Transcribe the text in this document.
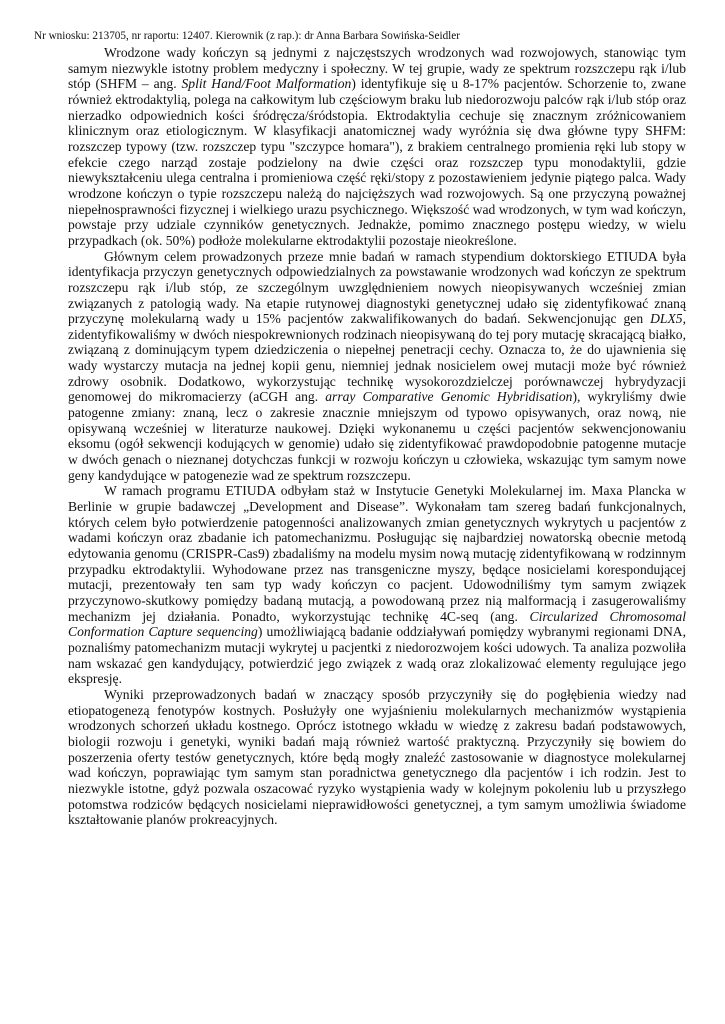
Nr wniosku: 213705, nr raportu: 12407. Kierownik (z rap.): dr Anna Barbara Sowińska-Seidler

Wrodzone wady kończyn są jednymi z najczęstszych wrodzonych wad rozwojowych, stanowiąc tym samym niezwykle istotny problem medyczny i społeczny. W tej grupie, wady ze spektrum rozszczepu rąk i/lub stóp (SHFM – ang. Split Hand/Foot Malformation) identyfikuje się u 8-17% pacjentów. Schorzenie to, zwane również ektrodaktylią, polega na całkowitym lub częściowym braku lub niedorozwoju palców rąk i/lub stóp oraz nierzadko odpowiednich kości śródręcza/śródstopia. Ektrodaktylia cechuje się znacznym zróżnicowaniem klinicznym oraz etiologicznym. W klasyfikacji anatomicznej wady wyróżnia się dwa główne typy SHFM: rozszczep typowy (tzw. rozszczep typu "szczypce homara"), z brakiem centralnego promienia ręki lub stopy w efekcie czego narząd zostaje podzielony na dwie części oraz rozszczep typu monodaktylii, gdzie niewykształceniu ulega centralna i promieniowa część ręki/stopy z pozostawieniem jedynie piątego palca. Wady wrodzone kończyn o typie rozszczepu należą do najcięższych wad rozwojowych. Są one przyczyną poważnej niepełnosprawności fizycznej i wielkiego urazu psychicznego. Większość wad wrodzonych, w tym wad kończyn, powstaje przy udziale czynników genetycznych. Jednakże, pomimo znacznego postępu wiedzy, w wielu przypadkach (ok. 50%) podłoże molekularne ektrodaktylii pozostaje nieokreślone.

Głównym celem prowadzonych przeze mnie badań w ramach stypendium doktorskiego ETIUDA była identyfikacja przyczyn genetycznych odpowiedzialnych za powstawanie wrodzonych wad kończyn ze spektrum rozszczepu rąk i/lub stóp, ze szczególnym uwzględnieniem nowych nieopisywanych wcześniej zmian związanych z patologią wady. Na etapie rutynowej diagnostyki genetycznej udało się zidentyfikować znaną przyczynę molekularną wady u 15% pacjentów zakwalifikowanych do badań. Sekwencjonując gen DLX5, zidentyfikowaliśmy w dwóch niespokrewnionych rodzinach nieopisywaną do tej pory mutację skracającą białko, związaną z dominującym typem dziedziczenia o niepełnej penetracji cechy. Oznacza to, że do ujawnienia się wady wystarczy mutacja na jednej kopii genu, niemniej jednak nosicielem owej mutacji może być również zdrowy osobnik. Dodatkowo, wykorzystując technikę wysokorozdzielczej porównawczej hybrydyzacji genomowej do mikromacierzy (aCGH ang. array Comparative Genomic Hybridisation), wykryliśmy dwie patogenne zmiany: znaną, lecz o zakresie znacznie mniejszym od typowo opisywanych, oraz nową, nie opisywaną wcześniej w literaturze naukowej. Dzięki wykonanemu u części pacjentów sekwencjonowaniu eksomu (ogół sekwencji kodujących w genomie) udało się zidentyfikować prawdopodobnie patogenne mutacje w dwóch genach o nieznanej dotychczas funkcji w rozwoju kończyn u człowieka, wskazując tym samym nowe geny kandydujące w patogenezie wad ze spektrum rozszczepu.

W ramach programu ETIUDA odbyłam staż w Instytucie Genetyki Molekularnej im. Maxa Plancka w Berlinie w grupie badawczej „Development and Disease”. Wykonałam tam szereg badań funkcjonalnych, których celem było potwierdzenie patogenności analizowanych zmian genetycznych wykrytych u pacjentów z wadami kończyn oraz zbadanie ich patomechanizmu. Posługując się najbardziej nowatorską obecnie metodą edytowania genomu (CRISPR-Cas9) zbadaliśmy na modelu mysim nową mutację zidentyfikowaną w rodzinnym przypadku ektrodaktylii. Wyhodowane przez nas transgeniczne myszy, będące nosicielami korespondującej mutacji, prezentowały ten sam typ wady kończyn co pacjent. Udowodniliśmy tym samym związek przyczynowo-skutkowy pomiędzy badaną mutacją, a powodowaną przez nią malformacją i zasugerowaliśmy mechanizm jej działania. Ponadto, wykorzystując technikę 4C-seq (ang. Circularized Chromosomal Conformation Capture sequencing) umożliwiającą badanie oddziaływań pomiędzy wybranymi regionami DNA, poznaliśmy patomechanizm mutacji wykrytej u pacjentki z niedorozwojem kości udowych. Ta analiza pozwoliła nam wskazać gen kandydujący, potwierdzić jego związek z wadą oraz zlokalizować elementy regulujące jego ekspresję.

Wyniki przeprowadzonych badań w znaczący sposób przyczyniły się do pogłębienia wiedzy nad etiopatogenezą fenotypów kostnych. Posłużyły one wyjaśnieniu molekularnych mechanizmów wystąpienia wrodzonych schorzeń układu kostnego. Oprócz istotnego wkładu w wiedzę z zakresu badań podstawowych, biologii rozwoju i genetyki, wyniki badań mają również wartość praktyczną. Przyczyniły się bowiem do poszerzenia oferty testów genetycznych, które będą mogły znaleźć zastosowanie w diagnostyce molekularnej wad kończyn, poprawiając tym samym stan poradnictwa genetycznego dla pacjentów i ich rodzin. Jest to niezwykle istotne, gdyż pozwala oszacować ryzyko wystąpienia wady w kolejnym pokoleniu lub u przyszłego potomstwa rodziców będących nosicielami nieprawidłowości genetycznej, a tym samym umożliwia świadome kształtowanie planów prokreacyjnych.
